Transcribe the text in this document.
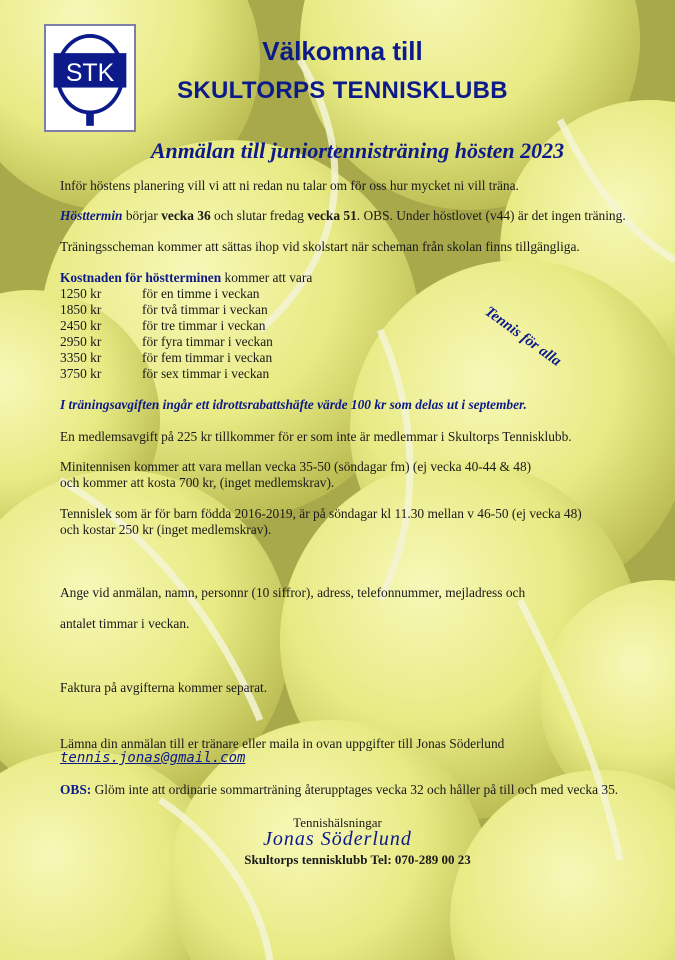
STK
Välkomna till
SKULTORPS TENNISKLUBB
Anmälan till juniortennisträning hösten 2023
Inför höstens planering vill vi att ni redan nu talar om för oss hur mycket ni vill träna.
Hösttermin börjar vecka 36 och slutar fredag vecka 51. OBS. Under höstlovet (v44) är det ingen träning.
Träningsscheman kommer att sättas ihop vid skolstart när scheman från skolan finns tillgängliga.
Kostnaden för höstterminen kommer att vara
1250 kr	för en timme i veckan
1850 kr	för två timmar i veckan
2450 kr	för tre timmar i veckan
2950 kr	för fyra timmar i veckan
3350 kr	för fem timmar i veckan
3750 kr	för sex timmar i veckan
Tennis för alla
I träningsavgiften ingår ett idrottsrabattshäfte värde 100 kr som delas ut i september.
En medlemsavgift på 225 kr tillkommer för er som inte är medlemmar i Skultorps Tennisklubb.
Minitennisen kommer att vara mellan vecka 35-50 (söndagar fm) (ej vecka 40-44 & 48)
och kommer att kosta 700 kr, (inget medlemskrav).
Tennislek som är för barn födda 2016-2019, är på söndagar kl 11.30 mellan v 46-50 (ej vecka 48)
och kostar 250 kr (inget medlemskrav).
Ange vid anmälan, namn, personnr (10 siffror), adress, telefonnummer, mejladress och
antalet timmar i veckan.
Faktura på avgifterna kommer separat.
Lämna din anmälan till er tränare eller maila in ovan uppgifter till Jonas Söderlund
tennis.jonas@gmail.com
OBS: Glöm inte att ordinarie sommarträning återupptages vecka 32 och håller på till och med vecka 35.
Tennishälsningar
Jonas Söderlund
Skultorps tennisklubb Tel: 070-289 00 23
